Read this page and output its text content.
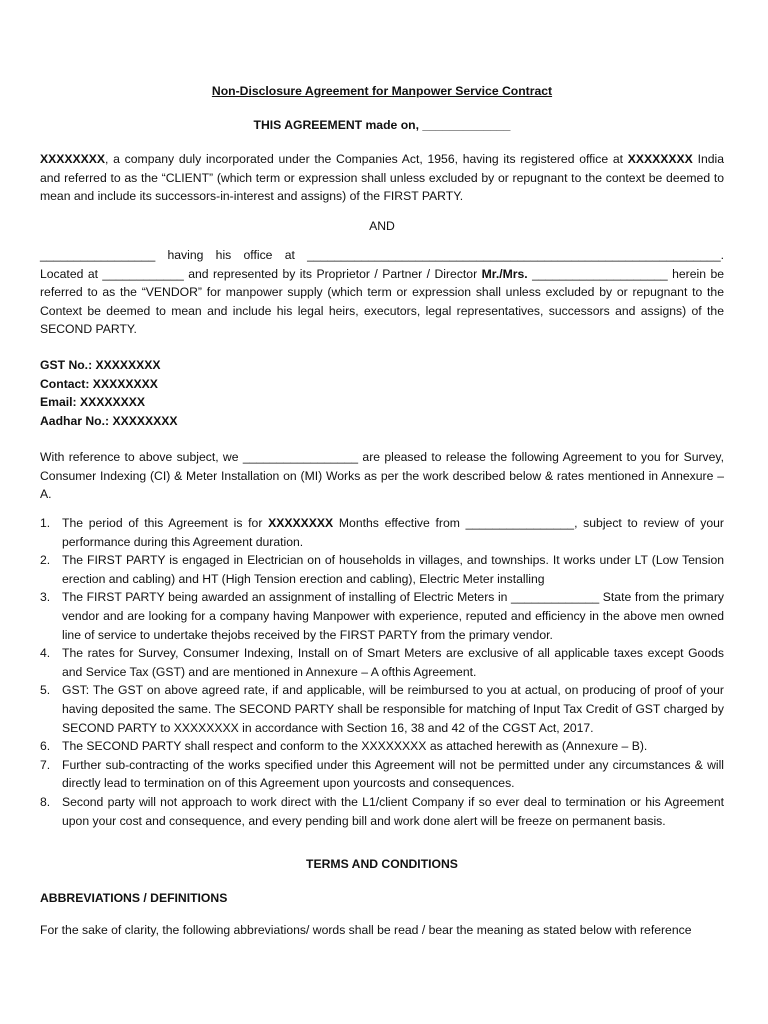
Non-Disclosure Agreement for Manpower Service Contract
THIS AGREEMENT made on, _____________
XXXXXXXX, a company duly incorporated under the Companies Act, 1956, having its registered office at XXXXXXXX India and referred to as the “CLIENT” (which term or expression shall unless excluded by or repugnant to the context be deemed to mean and include its successors-in-interest and assigns) of the FIRST PARTY.
AND
_________________ having his office at _____________________________________________________________.
Located at ____________ and represented by its Proprietor / Partner / Director Mr./Mrs. ____________________ herein be referred to as the “VENDOR” for manpower supply (which term or expression shall unless excluded by or repugnant to the Context be deemed to mean and include his legal heirs, executors, legal representatives, successors and assigns) of the SECOND PARTY.
GST No.: XXXXXXXX
Contact: XXXXXXXX
Email: XXXXXXXX
Aadhar No.: XXXXXXXX
With reference to above subject, we _________________ are pleased to release the following Agreement to you for Survey, Consumer Indexing (CI) & Meter Installation on (MI) Works as per the work described below & rates mentioned in Annexure – A.
1. The period of this Agreement is for XXXXXXXX Months effective from ________________, subject to review of your performance during this Agreement duration.
2. The FIRST PARTY is engaged in Electrician on of households in villages, and townships. It works under LT (Low Tension erection and cabling) and HT (High Tension erection and cabling), Electric Meter installing
3. The FIRST PARTY being awarded an assignment of installing of Electric Meters in _____________ State from the primary vendor and are looking for a company having Manpower with experience, reputed and efficiency in the above men owned line of service to undertake thejobs received by the FIRST PARTY from the primary vendor.
4. The rates for Survey, Consumer Indexing, Install on of Smart Meters are exclusive of all applicable taxes except Goods and Service Tax (GST) and are mentioned in Annexure – A ofthis Agreement.
5. GST: The GST on above agreed rate, if and applicable, will be reimbursed to you at actual, on producing of proof of your having deposited the same. The SECOND PARTY shall be responsible for matching of Input Tax Credit of GST charged by SECOND PARTY to XXXXXXXX in accordance with Section 16, 38 and 42 of the CGST Act, 2017.
6. The SECOND PARTY shall respect and conform to the XXXXXXXX as attached herewith as (Annexure – B).
7. Further sub-contracting of the works specified under this Agreement will not be permitted under any circumstances & will directly lead to termination on of this Agreement upon yourcosts and consequences.
8. Second party will not approach to work direct with the L1/client Company if so ever deal to termination or his Agreement upon your cost and consequence, and every pending bill and work done alert will be freeze on permanent basis.
TERMS AND CONDITIONS
ABBREVIATIONS / DEFINITIONS
For the sake of clarity, the following abbreviations/ words shall be read / bear the meaning as stated below with reference
